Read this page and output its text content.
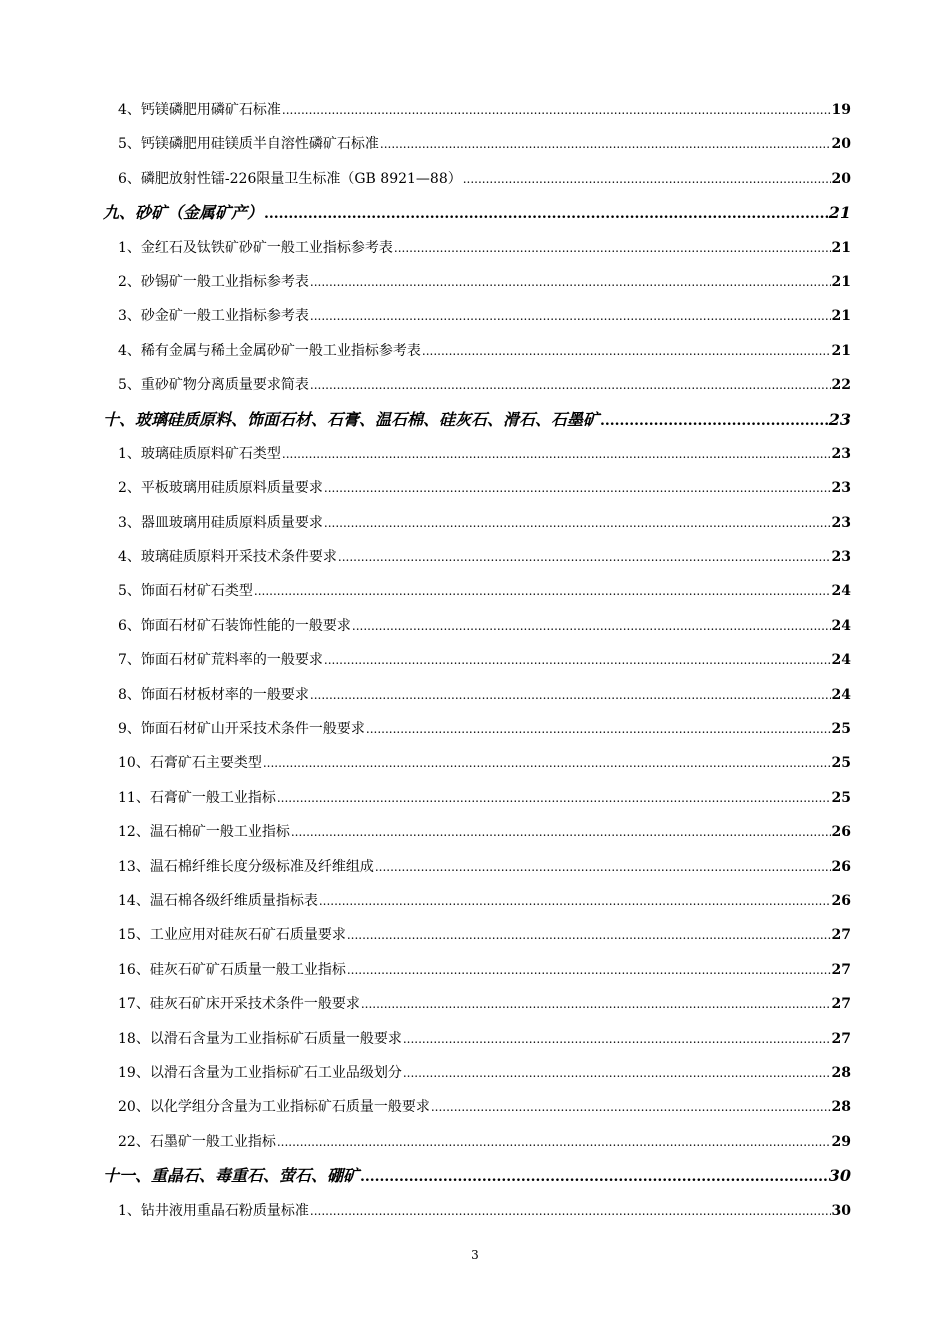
4、钙镁磷肥用磷矿石标准 .....	19
5、钙镁磷肥用硅镁质半自溶性磷矿石标准 .....	20
6、磷肥放射性镭-226限量卫生标准（GB 8921—88） .....	20
九、砂矿（金属矿产） .....	21
1、金红石及钛铁矿砂矿一般工业指标参考表 .....	21
2、砂锡矿一般工业指标参考表 .....	21
3、砂金矿一般工业指标参考表 .....	21
4、稀有金属与稀土金属砂矿一般工业指标参考表 .....	21
5、重砂矿物分离质量要求简表 .....	22
十、玻璃硅质原料、饰面石材、石膏、温石棉、硅灰石、滑石、石墨矿 .....	23
1、玻璃硅质原料矿石类型 .....	23
2、平板玻璃用硅质原料质量要求 .....	23
3、器皿玻璃用硅质原料质量要求 .....	23
4、玻璃硅质原料开采技术条件要求 .....	23
5、饰面石材矿石类型 .....	24
6、饰面石材矿石装饰性能的一般要求 .....	24
7、饰面石材矿荒料率的一般要求 .....	24
8、饰面石材板材率的一般要求 .....	24
9、饰面石材矿山开采技术条件一般要求 .....	25
10、石膏矿石主要类型 .....	25
11、石膏矿一般工业指标 .....	25
12、温石棉矿一般工业指标 .....	26
13、温石棉纤维长度分级标准及纤维组成 .....	26
14、温石棉各级纤维质量指标表 .....	26
15、工业应用对硅灰石矿石质量要求 .....	27
16、硅灰石矿矿石质量一般工业指标 .....	27
17、硅灰石矿床开采技术条件一般要求 .....	27
18、以滑石含量为工业指标矿石质量一般要求 .....	27
19、以滑石含量为工业指标矿石工业品级划分 .....	28
20、以化学组分含量为工业指标矿石质量一般要求 .....	28
22、石墨矿一般工业指标 .....	29
十一、重晶石、毒重石、萤石、硼矿 .....	30
1、钻井液用重晶石粉质量标准 .....	30
3
